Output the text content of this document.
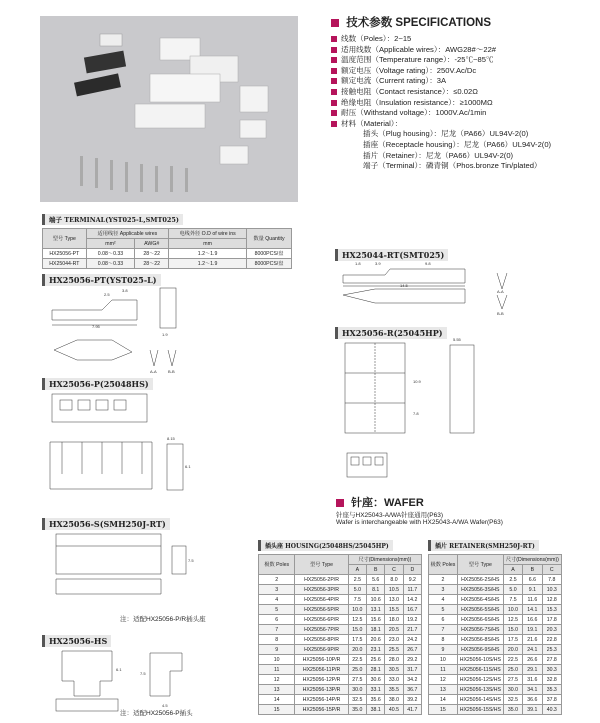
技术参数 SPECIFICATIONS
线数（Poles）：2~15
适用线数（Applicable wires）：AWG28#～22#
温度范围（Temperature range）：-25℃~85℃
额定电压（Voltage rating）：250V.Ac/Dc
额定电流（Current rating）：3A
接触电阻（Contact resistance）：≤0.02Ω
绝缘电阻（Insulation resistance）：≥1000MΩ
耐压（Withstand voltage）：1000V.Ac/1min
材料（Material）：
插头（Plug housing）：尼龙（PA66）UL94V-2(0)
插座（Receptacle housing）：尼龙（PA66）UL94V-2(0)
插片（Retainer）：尼龙（PA66）UL94V-2(0)
端子（Terminal）：磷青铜（Phos.bronze Tin/plated）
端子 TERMINAL(YST025-L,SMT025)
型号 Type	适用线径 Applicable wires		电线外径 O.D of wire ins	数量 Quantity
	mm²	AWG#	mm	
HX25056-PT	0.08～0.33	28～22	1.2～1.9	8000PCS/盘
HX25044-RT	0.08～0.33	28～22	1.2～1.9	8000PCS/盘
HX25056-PT(YST025-L)
7.95
2.5
3.8
1.9
A-A	B-B
HX25044-RT(SMT025)
1.8	3.9	9.8
14.5
A-A
B-B
HX25056-P(25048HS)
8.15
6.1
HX25056-R(25045HP)
5.55
10.9
7.8
针座：WAFER
针座与HX25043-A/WA针座通用(P63)
Wafer is interchangeable with HX25043-A/WA Wafer(P63)
HX25056-S(SMH250J-RT)
7.5
注：适配HX25056-P/R插头座
HX25056-HS
6.1
7.5
4.5
注：适配HX25056-P插头
插头座 HOUSING(25048HS/25045HP)
极数 Poles	型号 Type	尺寸(Dimensions(mm))			
		A	B	C	D
2	HX25056-2P/R	2.5	5.6	8.0	9.2
3	HX25056-3P/R	5.0	8.1	10.5	11.7
4	HX25056-4P/R	7.5	10.6	13.0	14.2
5	HX25056-5P/R	10.0	13.1	15.5	16.7
6	HX25056-6P/R	12.5	15.6	18.0	19.2
7	HX25056-7P/R	15.0	18.1	20.5	21.7
8	HX25056-8P/R	17.5	20.6	23.0	24.2
9	HX25056-9P/R	20.0	23.1	25.5	26.7
10	HX25056-10P/R	22.5	25.6	28.0	29.2
11	HX25056-11P/R	25.0	28.1	30.5	31.7
12	HX25056-12P/R	27.5	30.6	33.0	34.2
13	HX25056-13P/R	30.0	33.1	35.5	36.7
14	HX25056-14P/R	32.5	35.6	38.0	39.2
15	HX25056-15P/R	35.0	38.1	40.5	41.7
插片 RETAINER(SMH250J-RT)
极数 Poles	型号 Type	尺寸(Dimensions(mm))		
		A	B	C
2	HX25056-2S/HS	2.5	6.6	7.8
3	HX25056-3S/HS	5.0	9.1	10.3
4	HX25056-4S/HS	7.5	11.6	12.8
5	HX25056-5S/HS	10.0	14.1	15.3
6	HX25056-6S/HS	12.5	16.6	17.8
7	HX25056-7S/HS	15.0	19.1	20.3
8	HX25056-8S/HS	17.5	21.6	22.8
9	HX25056-9S/HS	20.0	24.1	25.3
10	HX25056-10S/HS	22.5	26.6	27.8
11	HX25056-11S/HS	25.0	29.1	30.3
12	HX25056-12S/HS	27.5	31.6	32.8
13	HX25056-13S/HS	30.0	34.1	35.3
14	HX25056-14S/HS	32.5	36.6	37.8
15	HX25056-15S/HS	35.0	39.1	40.3
